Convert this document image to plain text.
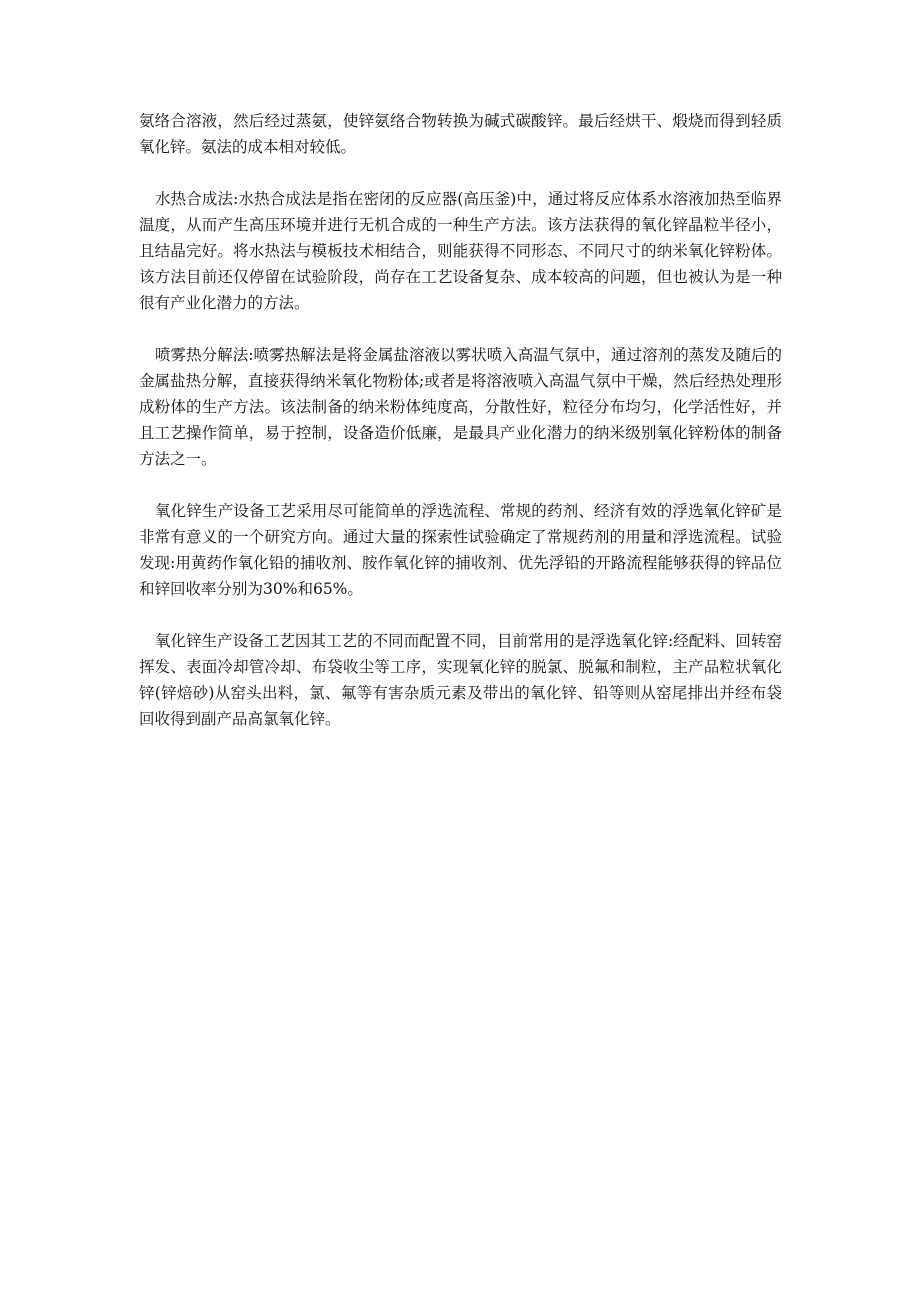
氨络合溶液，然后经过蒸氨，使锌氨络合物转换为碱式碳酸锌。最后经烘干、煅烧而得到轻质氧化锌。氨法的成本相对较低。

水热合成法:水热合成法是指在密闭的反应器(高压釜)中，通过将反应体系水溶液加热至临界温度，从而产生高压环境并进行无机合成的一种生产方法。该方法获得的氧化锌晶粒半径小，且结晶完好。将水热法与模板技术相结合，则能获得不同形态、不同尺寸的纳米氧化锌粉体。该方法目前还仅停留在试验阶段，尚存在工艺设备复杂、成本较高的问题，但也被认为是一种很有产业化潜力的方法。

喷雾热分解法:喷雾热解法是将金属盐溶液以雾状喷入高温气氛中，通过溶剂的蒸发及随后的金属盐热分解，直接获得纳米氧化物粉体;或者是将溶液喷入高温气氛中干燥，然后经热处理形成粉体的生产方法。该法制备的纳米粉体纯度高，分散性好，粒径分布均匀，化学活性好，并且工艺操作简单，易于控制，设备造价低廉，是最具产业化潜力的纳米级别氧化锌粉体的制备方法之一。

氧化锌生产设备工艺采用尽可能简单的浮选流程、常规的药剂、经济有效的浮选氧化锌矿是非常有意义的一个研究方向。通过大量的探索性试验确定了常规药剂的用量和浮选流程。试验发现:用黄药作氧化铅的捕收剂、胺作氧化锌的捕收剂、优先浮铅的开路流程能够获得的锌品位和锌回收率分别为30%和65%。

氧化锌生产设备工艺因其工艺的不同而配置不同，目前常用的是浮选氧化锌:经配料、回转窑挥发、表面冷却管冷却、布袋收尘等工序，实现氧化锌的脱氯、脱氟和制粒，主产品粒状氧化锌(锌焙砂)从窑头出料，氯、氟等有害杂质元素及带出的氧化锌、铅等则从窑尾排出并经布袋回收得到副产品高氯氧化锌。
